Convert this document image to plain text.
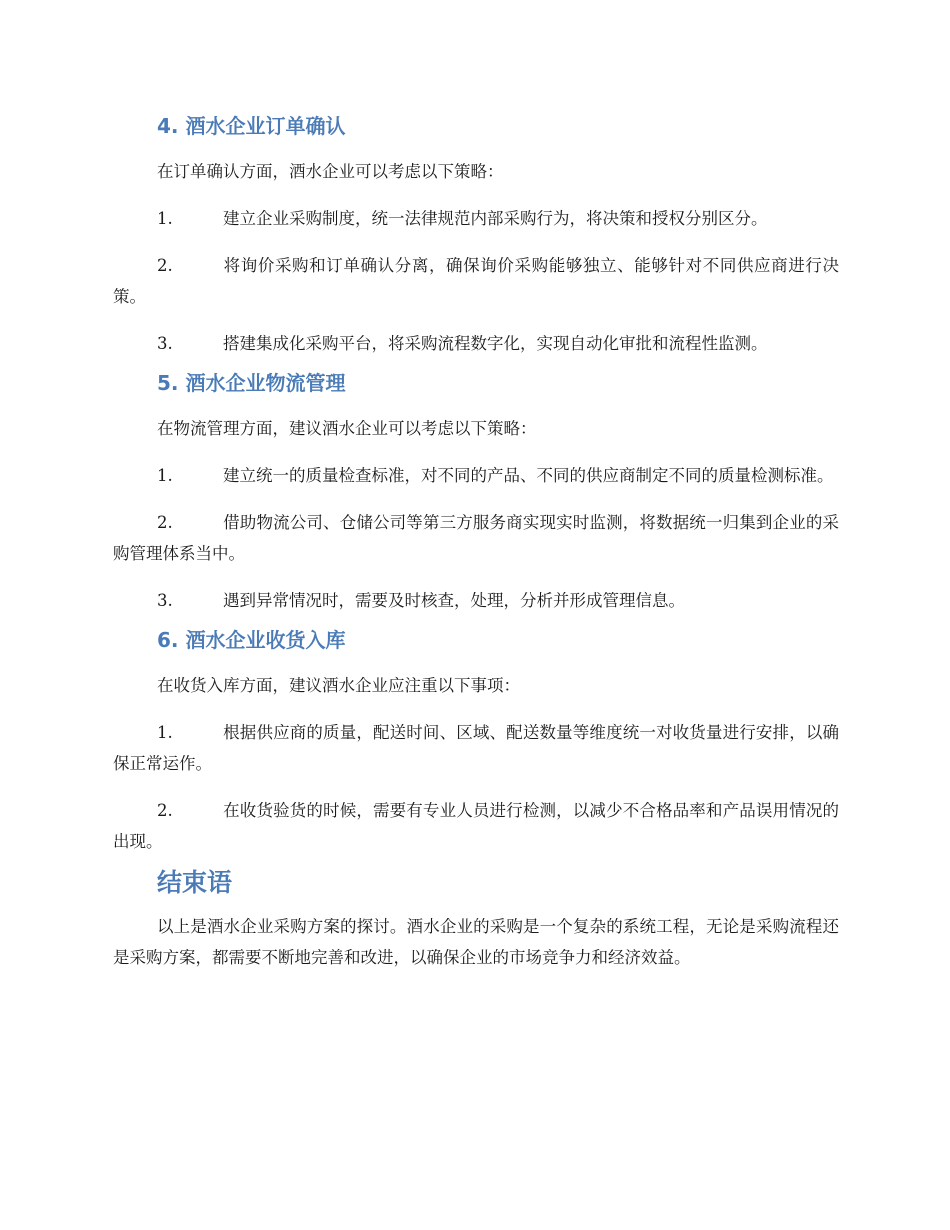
4. 酒水企业订单确认

在订单确认方面，酒水企业可以考虑以下策略：

1.	建立企业采购制度，统一法律规范内部采购行为，将决策和授权分别区分。

2.	将询价采购和订单确认分离，确保询价采购能够独立、能够针对不同供应商进行决策。

3.	搭建集成化采购平台，将采购流程数字化，实现自动化审批和流程性监测。

5. 酒水企业物流管理

在物流管理方面，建议酒水企业可以考虑以下策略：

1.	建立统一的质量检查标准，对不同的产品、不同的供应商制定不同的质量检测标准。

2.	借助物流公司、仓储公司等第三方服务商实现实时监测，将数据统一归集到企业的采购管理体系当中。

3.	遇到异常情况时，需要及时核查，处理，分析并形成管理信息。

6. 酒水企业收货入库

在收货入库方面，建议酒水企业应注重以下事项：

1.	根据供应商的质量，配送时间、区域、配送数量等维度统一对收货量进行安排，以确保正常运作。

2.	在收货验货的时候，需要有专业人员进行检测，以减少不合格品率和产品误用情况的出现。

结束语

以上是酒水企业采购方案的探讨。酒水企业的采购是一个复杂的系统工程，无论是采购流程还是采购方案，都需要不断地完善和改进，以确保企业的市场竞争力和经济效益。
